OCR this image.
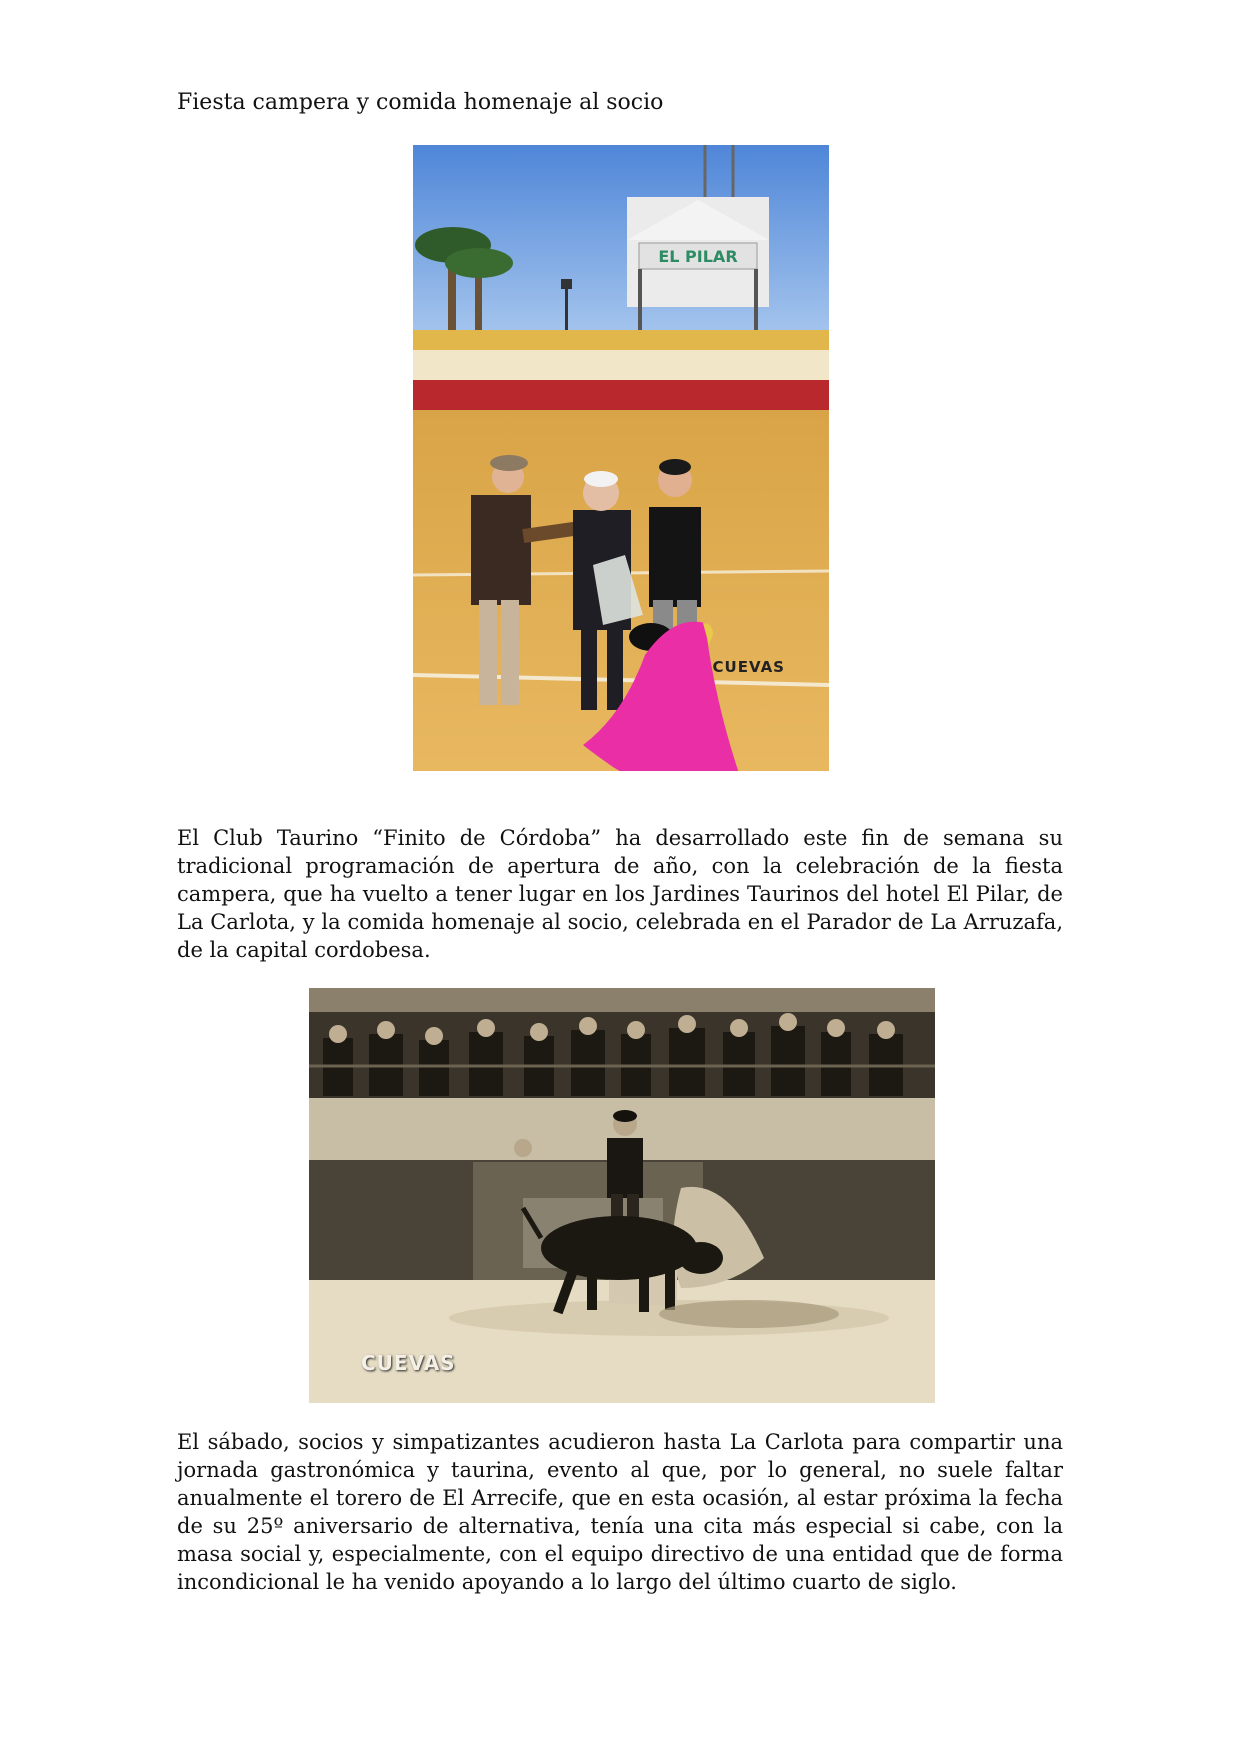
Fiesta campera y comida homenaje al socio
EL PILAR
CUEVAS
El Club Taurino “Finito de Córdoba” ha desarrollado este fin de semana su
tradicional programación de apertura de año, con la celebración de la fiesta
campera, que ha vuelto a tener lugar en los Jardines Taurinos del hotel El Pilar, de
La Carlota, y la comida homenaje al socio, celebrada en el Parador de La Arruzafa,
de la capital cordobesa.
CUEVAS
El sábado, socios y simpatizantes acudieron hasta La Carlota para compartir una
jornada gastronómica y taurina, evento al que, por lo general, no suele faltar
anualmente el torero de El Arrecife, que en esta ocasión, al estar próxima la fecha
de su 25º aniversario de alternativa, tenía una cita más especial si cabe, con la
masa social y, especialmente, con el equipo directivo de una entidad que de forma
incondicional le ha venido apoyando a lo largo del último cuarto de siglo.
